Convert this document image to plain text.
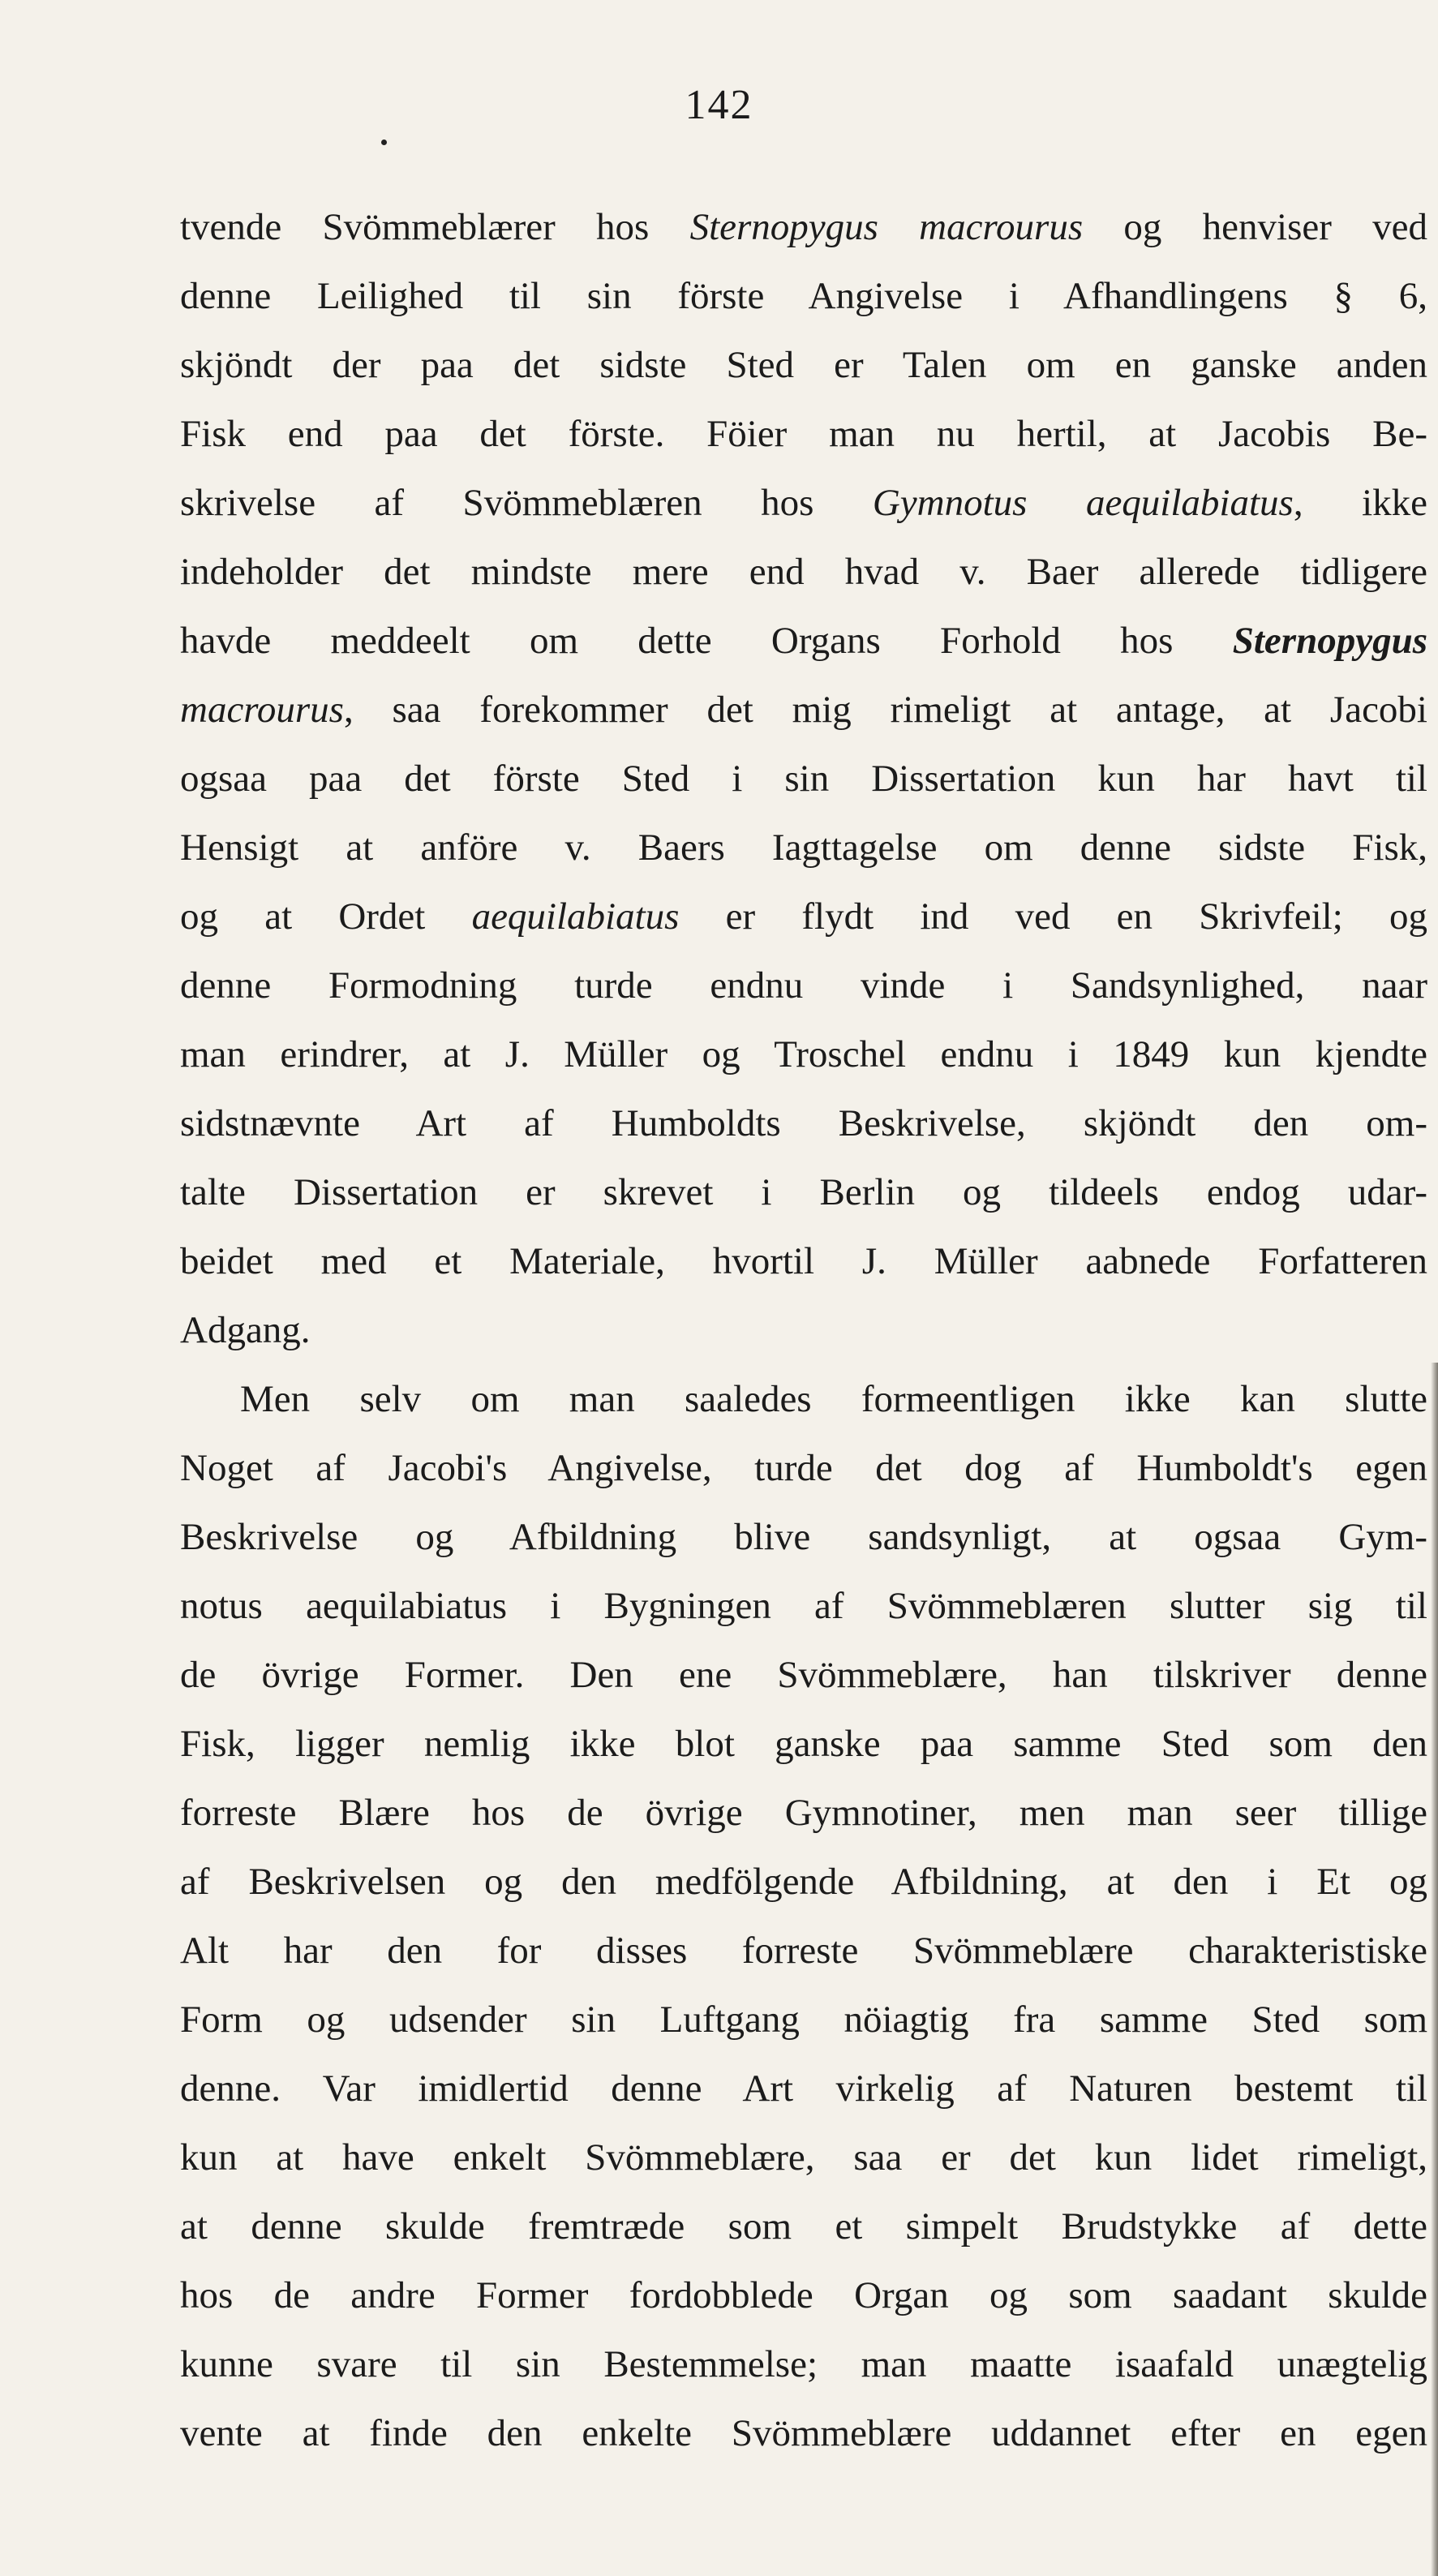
142
tvende Svömmeblærer hos Sternopygus macrourus og henviser ved
denne Leilighed til sin förste Angivelse i Afhandlingens § 6,
skjöndt der paa det sidste Sted er Talen om en ganske anden
Fisk end paa det förste. Föier man nu hertil, at Jacobis Be-
skrivelse af Svömmeblæren hos Gymnotus aequilabiatus, ikke
indeholder det mindste mere end hvad v. Baer allerede tidligere
havde meddeelt om dette Organs Forhold hos Sternopygus
macrourus, saa forekommer det mig rimeligt at antage, at Jacobi
ogsaa paa det förste Sted i sin Dissertation kun har havt til
Hensigt at anföre v. Baers Iagttagelse om denne sidste Fisk,
og at Ordet aequilabiatus er flydt ind ved en Skrivfeil; og
denne Formodning turde endnu vinde i Sandsynlighed, naar
man erindrer, at J. Müller og Troschel endnu i 1849 kun kjendte
sidstnævnte Art af Humboldts Beskrivelse, skjöndt den om-
talte Dissertation er skrevet i Berlin og tildeels endog udar-
beidet med et Materiale, hvortil J. Müller aabnede Forfatteren
Adgang.
Men selv om man saaledes formeentligen ikke kan slutte
Noget af Jacobi's Angivelse, turde det dog af Humboldt's egen
Beskrivelse og Afbildning blive sandsynligt, at ogsaa Gym-
notus aequilabiatus i Bygningen af Svömmeblæren slutter sig til
de övrige Former. Den ene Svömmeblære, han tilskriver denne
Fisk, ligger nemlig ikke blot ganske paa samme Sted som den
forreste Blære hos de övrige Gymnotiner, men man seer tillige
af Beskrivelsen og den medfölgende Afbildning, at den i Et og
Alt har den for disses forreste Svömmeblære charakteristiske
Form og udsender sin Luftgang nöiagtig fra samme Sted som
denne. Var imidlertid denne Art virkelig af Naturen bestemt til
kun at have enkelt Svömmeblære, saa er det kun lidet rimeligt,
at denne skulde fremtræde som et simpelt Brudstykke af dette
hos de andre Former fordobblede Organ og som saadant skulde
kunne svare til sin Bestemmelse; man maatte isaafald unægtelig
vente at finde den enkelte Svömmeblære uddannet efter en egen
